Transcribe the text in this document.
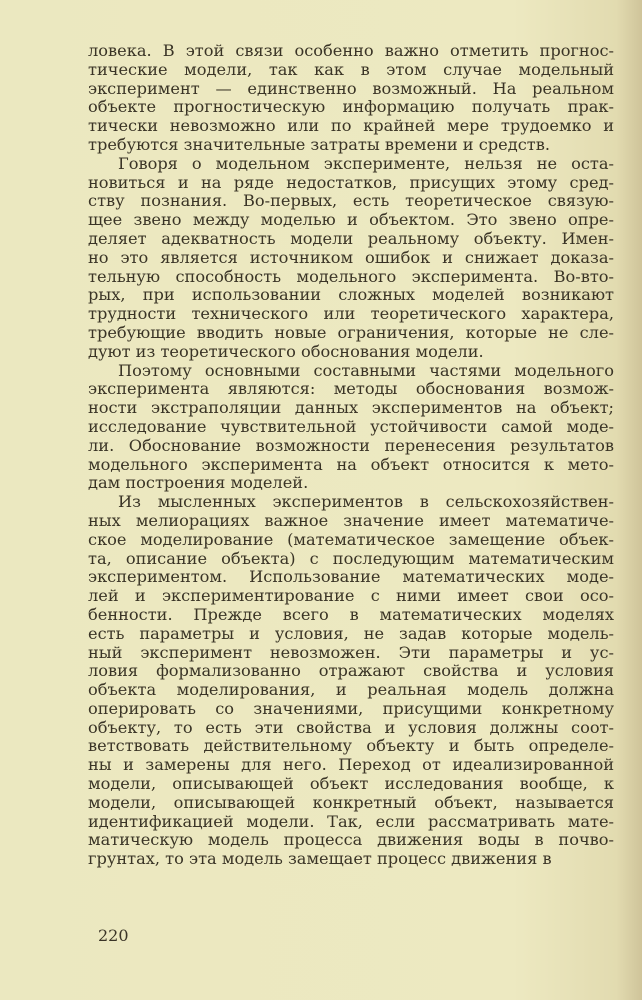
ловека. В этой связи особенно важно отметить прогнос-
тические модели, так как в этом случае модельный
эксперимент — единственно возможный. На реальном
объекте прогностическую информацию получать прак-
тически невозможно или по крайней мере трудоемко и
требуются значительные затраты времени и средств.
Говоря о модельном эксперименте, нельзя не оста-
новиться и на ряде недостатков, присущих этому сред-
ству познания. Во-первых, есть теоретическое связую-
щее звено между моделью и объектом. Это звено опре-
деляет адекватность модели реальному объекту. Имен-
но это является источником ошибок и снижает доказа-
тельную способность модельного эксперимента. Во-вто-
рых, при использовании сложных моделей возникают
трудности технического или теоретического характера,
требующие вводить новые ограничения, которые не сле-
дуют из теоретического обоснования модели.
Поэтому основными составными частями модельного
эксперимента являются: методы обоснования возмож-
ности экстраполяции данных экспериментов на объект;
исследование чувствительной устойчивости самой моде-
ли. Обоснование возможности перенесения результатов
модельного эксперимента на объект относится к мето-
дам построения моделей.
Из мысленных экспериментов в сельскохозяйствен-
ных мелиорациях важное значение имеет математиче-
ское моделирование (математическое замещение объек-
та, описание объекта) с последующим математическим
экспериментом. Использование математических моде-
лей и экспериментирование с ними имеет свои осо-
бенности. Прежде всего в математических моделях
есть параметры и условия, не задав которые модель-
ный эксперимент невозможен. Эти параметры и ус-
ловия формализованно отражают свойства и условия
объекта моделирования, и реальная модель должна
оперировать со значениями, присущими конкретному
объекту, то есть эти свойства и условия должны соот-
ветствовать действительному объекту и быть определе-
ны и замерены для него. Переход от идеализированной
модели, описывающей объект исследования вообще, к
модели, описывающей конкретный объект, называется
идентификацией модели. Так, если рассматривать мате-
матическую модель процесса движения воды в почво-
грунтах, то эта модель замещает процесс движения в
220
